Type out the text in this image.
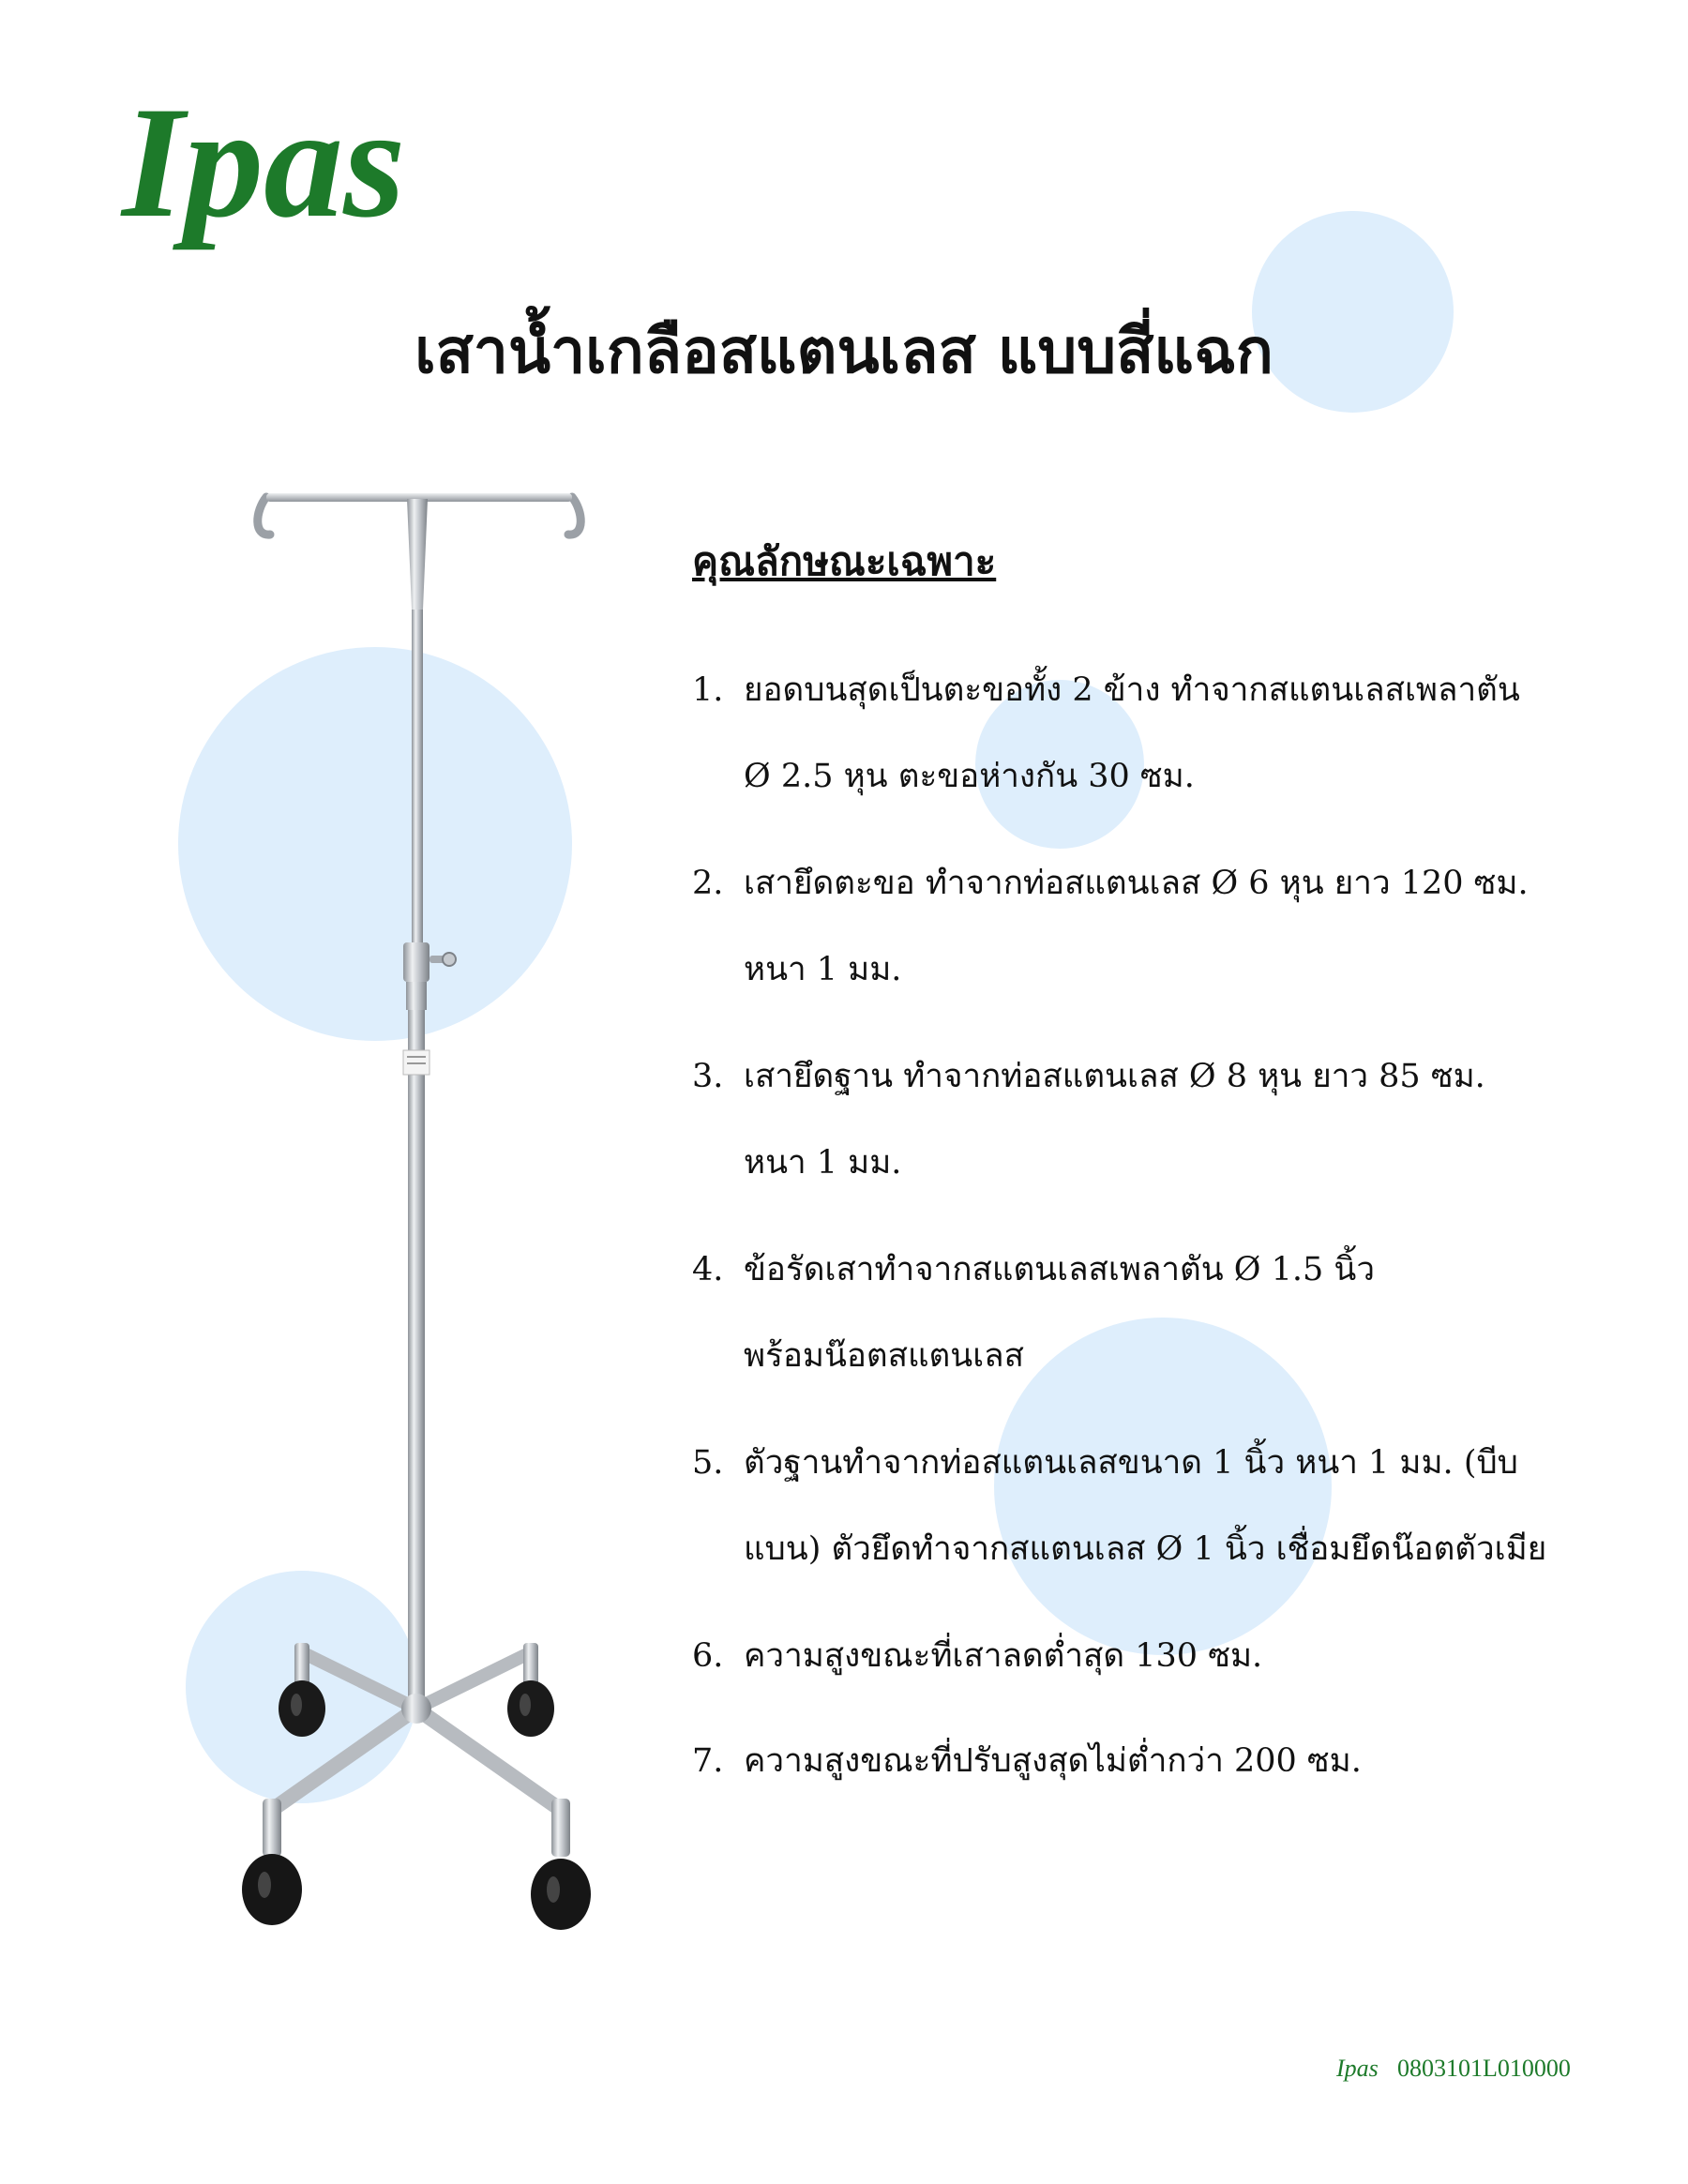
Ipas
เสาน้ำเกลือสแตนเลส แบบสี่แฉก
คุณลักษณะเฉพาะ
1. ยอดบนสุดเป็นตะขอทั้ง 2 ข้าง ทำจากสแตนเลสเพลาตัน
Ø 2.5 หุน ตะขอห่างกัน 30 ซม.
2. เสายึดตะขอ ทำจากท่อสแตนเลส Ø 6 หุน ยาว 120 ซม.
หนา 1 มม.
3. เสายึดฐาน ทำจากท่อสแตนเลส Ø 8 หุน ยาว 85 ซม.
หนา 1 มม.
4. ข้อรัดเสาทำจากสแตนเลสเพลาตัน Ø 1.5 นิ้ว
พร้อมน๊อตสแตนเลส
5. ตัวฐานทำจากท่อสแตนเลสขนาด 1 นิ้ว หนา 1 มม. (บีบ
แบน) ตัวยึดทำจากสแตนเลส Ø 1 นิ้ว เชื่อมยึดน๊อตตัวเมีย
6. ความสูงขณะที่เสาลดต่ำสุด 130 ซม.
7. ความสูงขณะที่ปรับสูงสุดไม่ต่ำกว่า 200 ซม.
Ipas 0803101L010000
